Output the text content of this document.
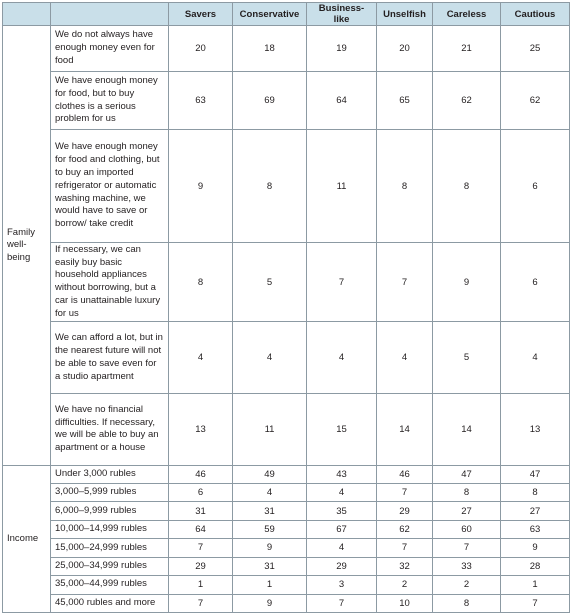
		Savers	Conservative	Business-like	Unselfish	Careless	Cautious
Family well-being	We do not always have enough money even for food	20	18	19	20	21	25
	We have enough money for food, but to buy clothes is a serious problem for us	63	69	64	65	62	62
	We have enough money for food and clothing, but to buy an imported refrigerator or automatic washing machine, we would have to save or borrow/ take credit	9	8	11	8	8	6
	If necessary, we can easily buy basic household appliances without borrowing, but a car is unattainable luxury for us	8	5	7	7	9	6
	We can afford a lot, but in the nearest future will not be able to save even for a studio apartment	4	4	4	4	5	4
	We have no financial difficulties. If necessary, we will be able to buy an apartment or a house	13	11	15	14	14	13
Income	Under 3,000 rubles	46	49	43	46	47	47
	3,000–5,999 rubles	6	4	4	7	8	8
	6,000–9,999 rubles	31	31	35	29	27	27
	10,000–14,999 rubles	64	59	67	62	60	63
	15,000–24,999 rubles	7	9	4	7	7	9
	25,000–34,999 rubles	29	31	29	32	33	28
	35,000–44,999 rubles	1	1	3	2	2	1
	45,000 rubles and more	7	9	7	10	8	7
